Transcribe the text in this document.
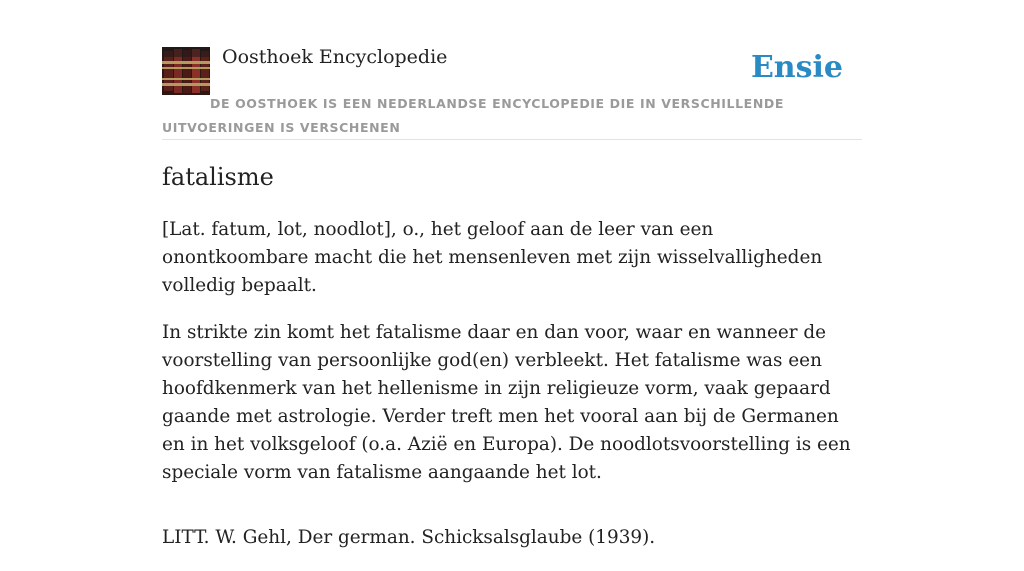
Oosthoek Encyclopedie	Ensie
DE OOSTHOEK IS EEN NEDERLANDSE ENCYCLOPEDIE DIE IN VERSCHILLENDE UITVOERINGEN IS VERSCHENEN
fatalisme

[Lat. fatum, lot, noodlot], o., het geloof aan de leer van een onontkoombare macht die het mensenleven met zijn wisselvalligheden volledig bepaalt.

In strikte zin komt het fatalisme daar en dan voor, waar en wanneer de voorstelling van persoonlijke god(en) verbleekt. Het fatalisme was een hoofdkenmerk van het hellenisme in zijn religieuze vorm, vaak gepaard gaande met astrologie. Verder treft men het vooral aan bij de Germanen en in het volksgeloof (o.a. Azië en Europa). De noodlotsvoorstelling is een speciale vorm van fatalisme aangaande het lot.

LITT. W. Gehl, Der german. Schicksalsglaube (1939).
